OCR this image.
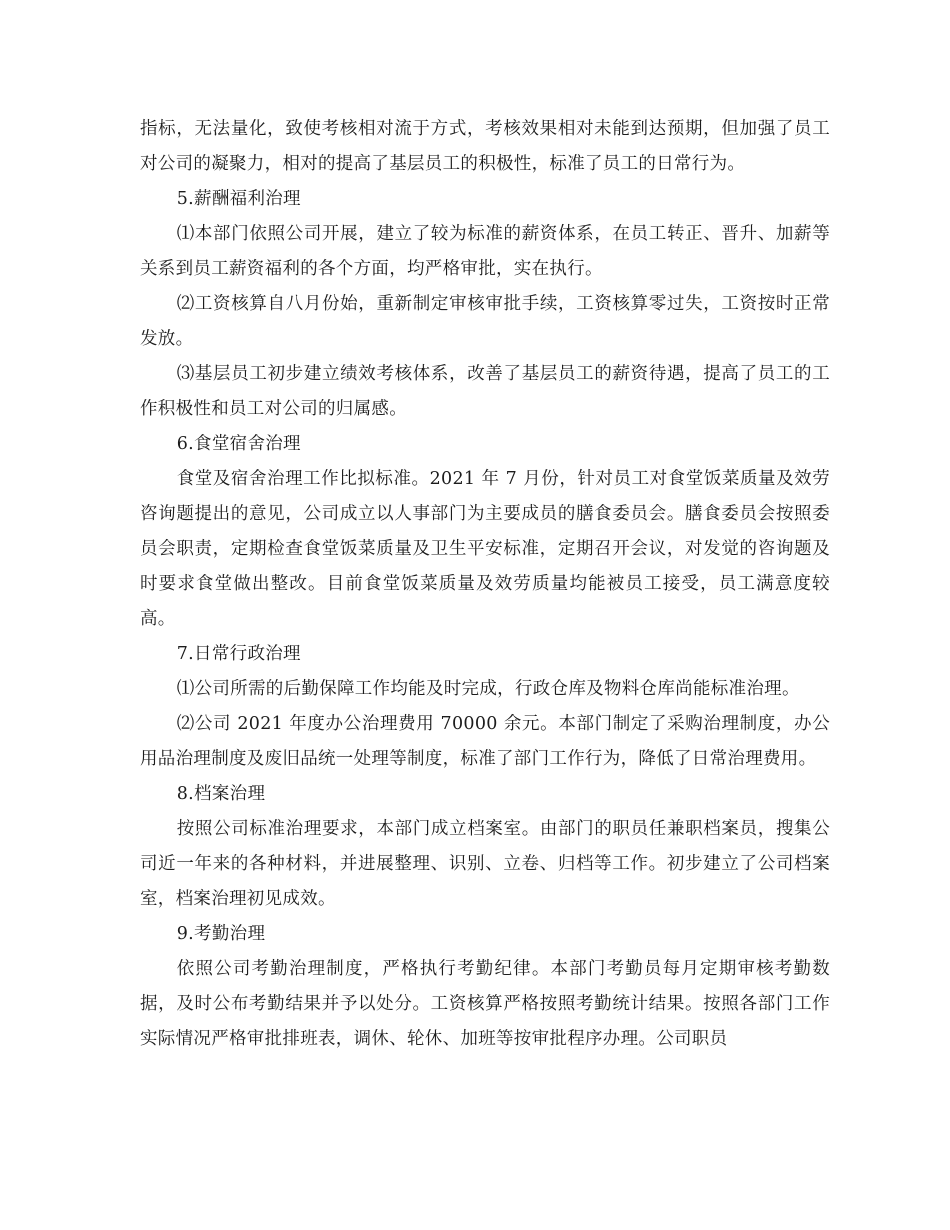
指标，无法量化，致使考核相对流于方式，考核效果相对未能到达预期，但加强了员工对公司的凝聚力，相对的提高了基层员工的积极性，标准了员工的日常行为。

5.薪酬福利治理

⑴本部门依照公司开展，建立了较为标准的薪资体系，在员工转正、晋升、加薪等关系到员工薪资福利的各个方面，均严格审批，实在执行。

⑵工资核算自八月份始，重新制定审核审批手续，工资核算零过失，工资按时正常发放。

⑶基层员工初步建立绩效考核体系，改善了基层员工的薪资待遇，提高了员工的工作积极性和员工对公司的归属感。

6.食堂宿舍治理

食堂及宿舍治理工作比拟标准。2021 年 7 月份，针对员工对食堂饭菜质量及效劳咨询题提出的意见，公司成立以人事部门为主要成员的膳食委员会。膳食委员会按照委员会职责，定期检查食堂饭菜质量及卫生平安标准，定期召开会议，对发觉的咨询题及时要求食堂做出整改。目前食堂饭菜质量及效劳质量均能被员工接受，员工满意度较高。

7.日常行政治理

⑴公司所需的后勤保障工作均能及时完成，行政仓库及物料仓库尚能标准治理。

⑵公司 2021 年度办公治理费用 70000 余元。本部门制定了采购治理制度，办公用品治理制度及废旧品统一处理等制度，标准了部门工作行为，降低了日常治理费用。

8.档案治理

按照公司标准治理要求，本部门成立档案室。由部门的职员任兼职档案员，搜集公司近一年来的各种材料，并进展整理、识别、立卷、归档等工作。初步建立了公司档案室，档案治理初见成效。

9.考勤治理

依照公司考勤治理制度，严格执行考勤纪律。本部门考勤员每月定期审核考勤数据，及时公布考勤结果并予以处分。工资核算严格按照考勤统计结果。按照各部门工作实际情况严格审批排班表，调休、轮休、加班等按审批程序办理。公司职员
